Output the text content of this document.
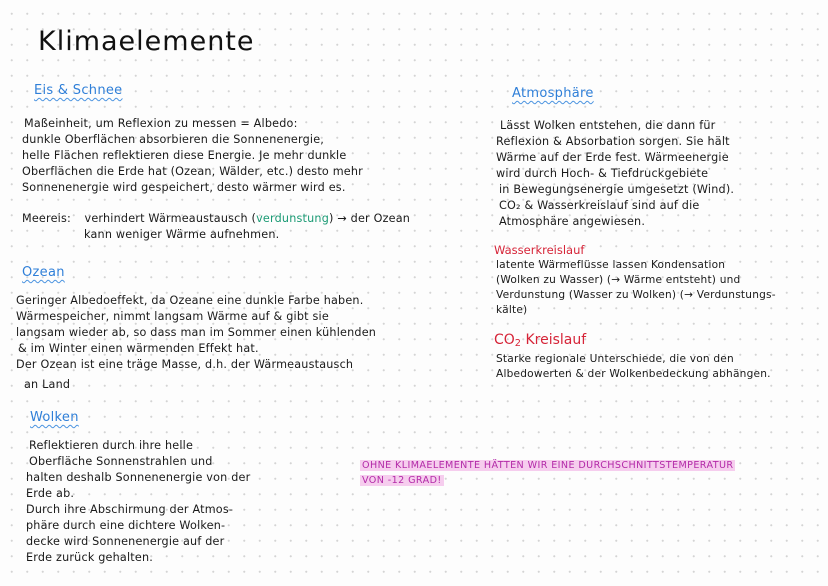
Klimaelemente
Eis & Schnee
Maßeinheit, um Reflexion zu messen = Albedo:
dunkle Oberflächen absorbieren die Sonnenenergie,
helle Flächen reflektieren diese Energie. Je mehr dunkle
Oberflächen die Erde hat (Ozean, Wälder, etc.) desto mehr
Sonnenenergie wird gespeichert, desto wärmer wird es.
Meereis: verhindert Wärmeaustausch (verdunstung) → der Ozean
kann weniger Wärme aufnehmen.
Ozean
Geringer Albedoeffekt, da Ozeane eine dunkle Farbe haben.
Wärmespeicher, nimmt langsam Wärme auf & gibt sie
langsam wieder ab, so dass man im Sommer einen kühlenden
& im Winter einen wärmenden Effekt hat.
Der Ozean ist eine träge Masse, d.h. der Wärmeaustausch
an Land
Wolken
Reflektieren durch ihre helle
Oberfläche Sonnenstrahlen und
halten deshalb Sonnenenergie von der
Erde ab.
Durch ihre Abschirmung der Atmos-
phäre durch eine dichtere Wolken-
decke wird Sonnenenergie auf der
Erde zurück gehalten.
Atmosphäre
Lässt Wolken entstehen, die dann für
Reflexion & Absorbation sorgen. Sie hält
Wärme auf der Erde fest. Wärmeenergie
wird durch Hoch- & Tiefdruckgebiete
in Bewegungsenergie umgesetzt (Wind).
CO₂ & Wasserkreislauf sind auf die
Atmosphäre angewiesen.
Wasserkreislauf
latente Wärmeflüsse lassen Kondensation
(Wolken zu Wasser) (→ Wärme entsteht) und
Verdunstung (Wasser zu Wolken) (→ Verdunstungs-
kälte)
$CO_2$ Kreislauf
Starke regionale Unterschiede, die von den
Albedowerten & der Wolkenbedeckung abhängen.
OHNE KLIMAELEMENTE HÄTTEN WIR EINE DURCHSCHNITTSTEMPERATUR
VON -12 GRAD!
